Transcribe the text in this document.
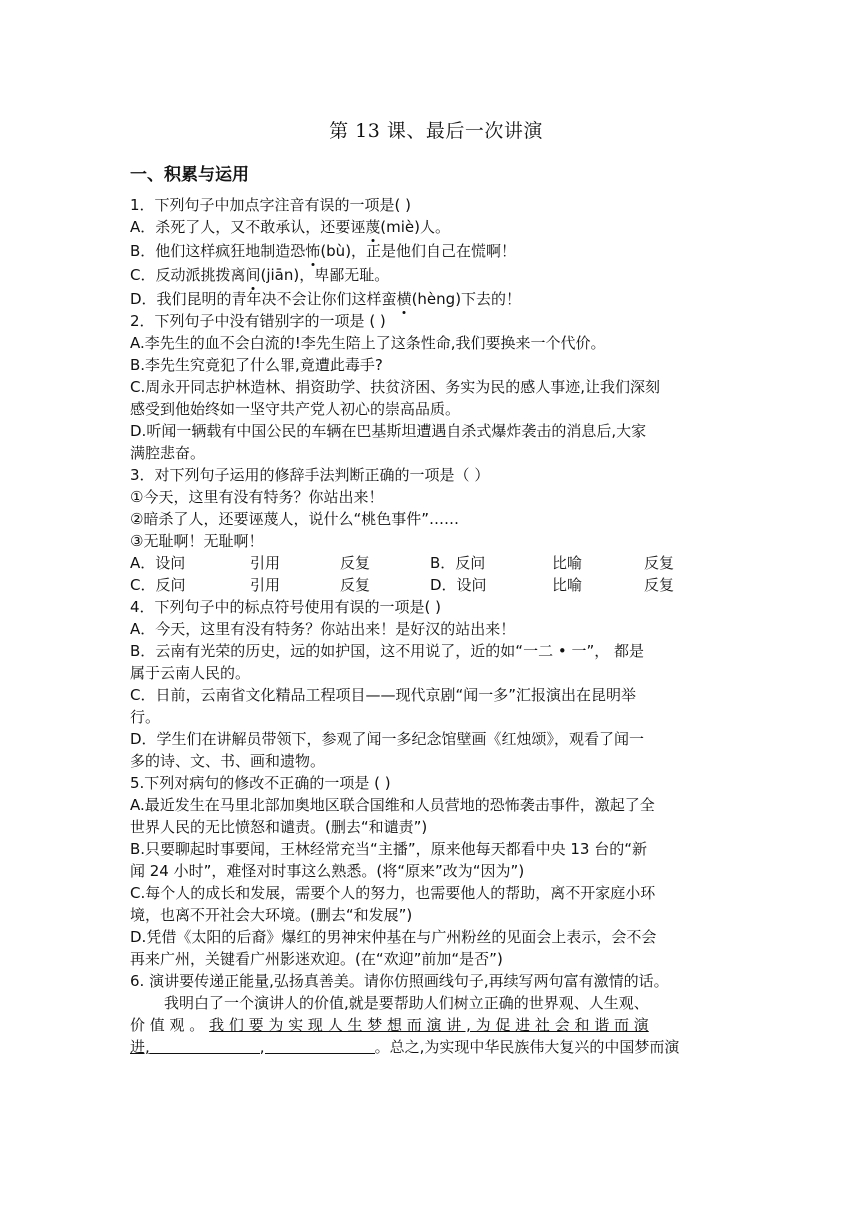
第 13 课、最后一次讲演
一、积累与运用
1．下列句子中加点字注音有误的一项是( )
A．杀死了人，又不敢承认，还要诬蔑(miè)人。
B．他们这样疯狂地制造恐怖(bù)，正是他们自己在慌啊！
C．反动派挑拨离间(jiān)，卑鄙无耻。
D．我们昆明的青年决不会让你们这样蛮横(hèng)下去的！
2．下列句子中没有错别字的一项是 ( )
A.李先生的血不会白流的!李先生陪上了这条性命,我们要换来一个代价。
B.李先生究竟犯了什么罪,竟遭此毒手?
C.周永开同志护林造林、捐资助学、扶贫济困、务实为民的感人事迹,让我们深刻
感受到他始终如一坚守共产党人初心的崇高品质。
D.听闻一辆载有中国公民的车辆在巴基斯坦遭遇自杀式爆炸袭击的消息后,大家
满腔悲奋。
3．对下列句子运用的修辞手法判断正确的一项是（ ）
①今天，这里有没有特务？你站出来！
②暗杀了人，还要诬蔑人，说什么“桃色事件”……
③无耻啊！无耻啊！
A．设问	引用	反复	B．反问	比喻	反复
C．反问	引用	反复	D．设问	比喻	反复
4．下列句子中的标点符号使用有误的一项是( )
A．今天，这里有没有特务？你站出来！是好汉的站出来！
B．云南有光荣的历史，远的如护国，这不用说了，近的如“一二 • 一”， 都是
属于云南人民的。
C．日前，云南省文化精品工程项目——现代京剧“闻一多”汇报演出在昆明举
行。
D．学生们在讲解员带领下，参观了闻一多纪念馆壁画《红烛颂》，观看了闻一
多的诗、文、书、画和遗物。
5.下列对病句的修改不正确的一项是 ( )
A.最近发生在马里北部加奥地区联合国维和人员营地的恐怖袭击事件，激起了全
世界人民的无比愤怒和谴责。(删去“和谴责”)
B.只要聊起时事要闻，王林经常充当“主播”，原来他每天都看中央 13 台的“新
闻 24 小时”，难怪对时事这么熟悉。(将“原来”改为“因为”)
C.每个人的成长和发展，需要个人的努力，也需要他人的帮助，离不开家庭小环
境，也离不开社会大环境。(删去“和发展”)
D.凭借《太阳的后裔》爆红的男神宋仲基在与广州粉丝的见面会上表示，会不会
再来广州，关键看广州影迷欢迎。(在“欢迎”前加“是否”)
6. 演讲要传递正能量,弘扬真善美。请你仿照画线句子,再续写两句富有激情的话。
我明白了一个演讲人的价值,就是要帮助人们树立正确的世界观、人生观、
价 值 观 。 我 们 要 为 实 现 人 生 梦 想 而 演 讲 , 为 促 进 社 会 和 谐 而 演
进,	,	。总之,为实现中华民族伟大复兴的中国梦而演
